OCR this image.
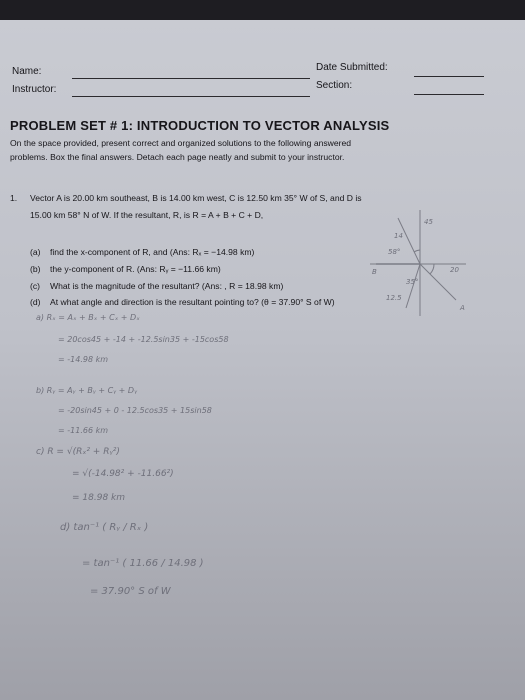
Name:
Instructor:
Date Submitted:
Section:
PROBLEM SET # 1: INTRODUCTION TO VECTOR ANALYSIS
On the space provided, present correct and organized solutions to the following answered
problems. Box the final answers. Detach each page neatly and submit to your instructor.
1. Vector A is 20.00 km southeast, B is 14.00 km west, C is 12.50 km 35° W of S, and D is
15.00 km 58° N of W. If the resultant, R, is R = A + B + C + D,
(a) find the x-component of R, and (Ans: Rₓ = −14.98 km)
(b) the y-component of R. (Ans: Rᵧ = −11.66 km)
(c) What is the magnitude of the resultant? (Ans: , R = 18.98 km)
(d) At what angle and direction is the resultant pointing to? (θ = 37.90° S of W)
45
58°
14
B
35°
20
12.5
A
a) Rₓ = Aₓ + Bₓ + Cₓ + Dₓ
= 20cos45 + -14 + -12.5sin35 + -15cos58
= -14.98 km
b) Rᵧ = Aᵧ + Bᵧ + Cᵧ + Dᵧ
= -20sin45 + 0 - 12.5cos35 + 15sin58
= -11.66 km
c) R = √(Rₓ² + Rᵧ²)
= √(-14.98² + -11.66²)
= 18.98 km
d) tan⁻¹ ( Rᵧ / Rₓ )
= tan⁻¹ ( 11.66 / 14.98 )
= 37.90° S of W
